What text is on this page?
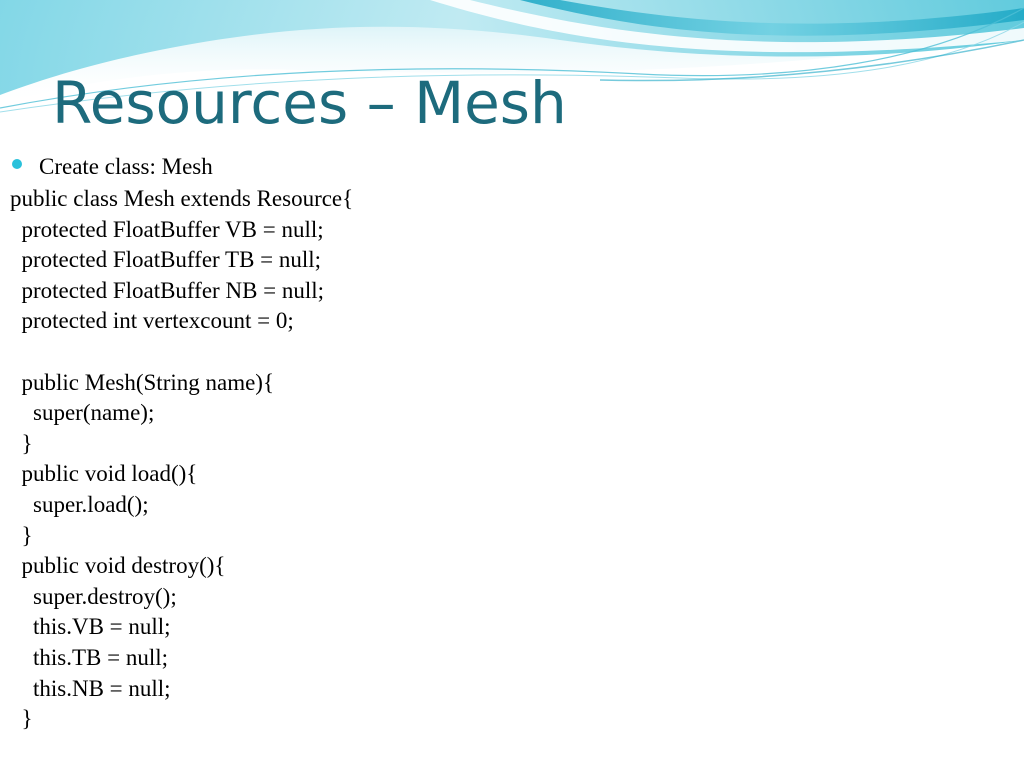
Resources – Mesh
Create class: Mesh
public class Mesh extends Resource{
protected FloatBuffer VB = null;
protected FloatBuffer TB = null;
protected FloatBuffer NB = null;
protected int vertexcount = 0;
public Mesh(String name){
super(name);
}
public void load(){
super.load();
}
public void destroy(){
super.destroy();
this.VB = null;
this.TB = null;
this.NB = null;
}
